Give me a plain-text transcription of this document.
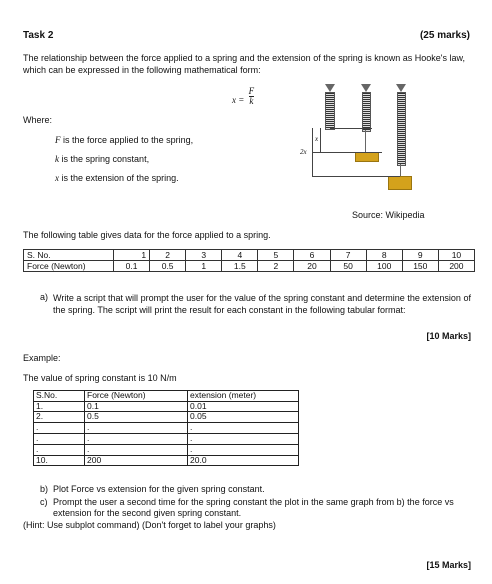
Task 2	(25 marks)
The relationship between the force applied to a spring and the extension of the spring is known as Hooke's law, which can be expressed in the following mathematical form:
$x = \frac{F}{k}$
Where:
F is the force applied to the spring,
k is the spring constant,
x is the extension of the spring.
x
2x
Source: Wikipedia
The following table gives data for the force applied to a spring.
S. No.	1	2	3	4	5	6	7	8	9	10
Force (Newton)	0.1	0.5	1	1.5	2	20	50	100	150	200
a) Write a script that will prompt the user for the value of the spring constant and determine the extension of the spring. The script will print the result for each constant in the following tabular format:
[10 Marks]
Example:
The value of spring constant is 10 N/m
S.No.	Force (Newton)	extension (meter)
1.	0.1	0.01
2.	0.5	0.05
.	.	.
.	.	.
.	.	.
10.	200	20.0
b) Plot Force vs extension for the given spring constant.
c) Prompt the user a second time for the spring constant the plot in the same graph from b) the force vs extension for the second given spring constant.
(Hint: Use subplot command) (Don't forget to label your graphs)
[15 Marks]
